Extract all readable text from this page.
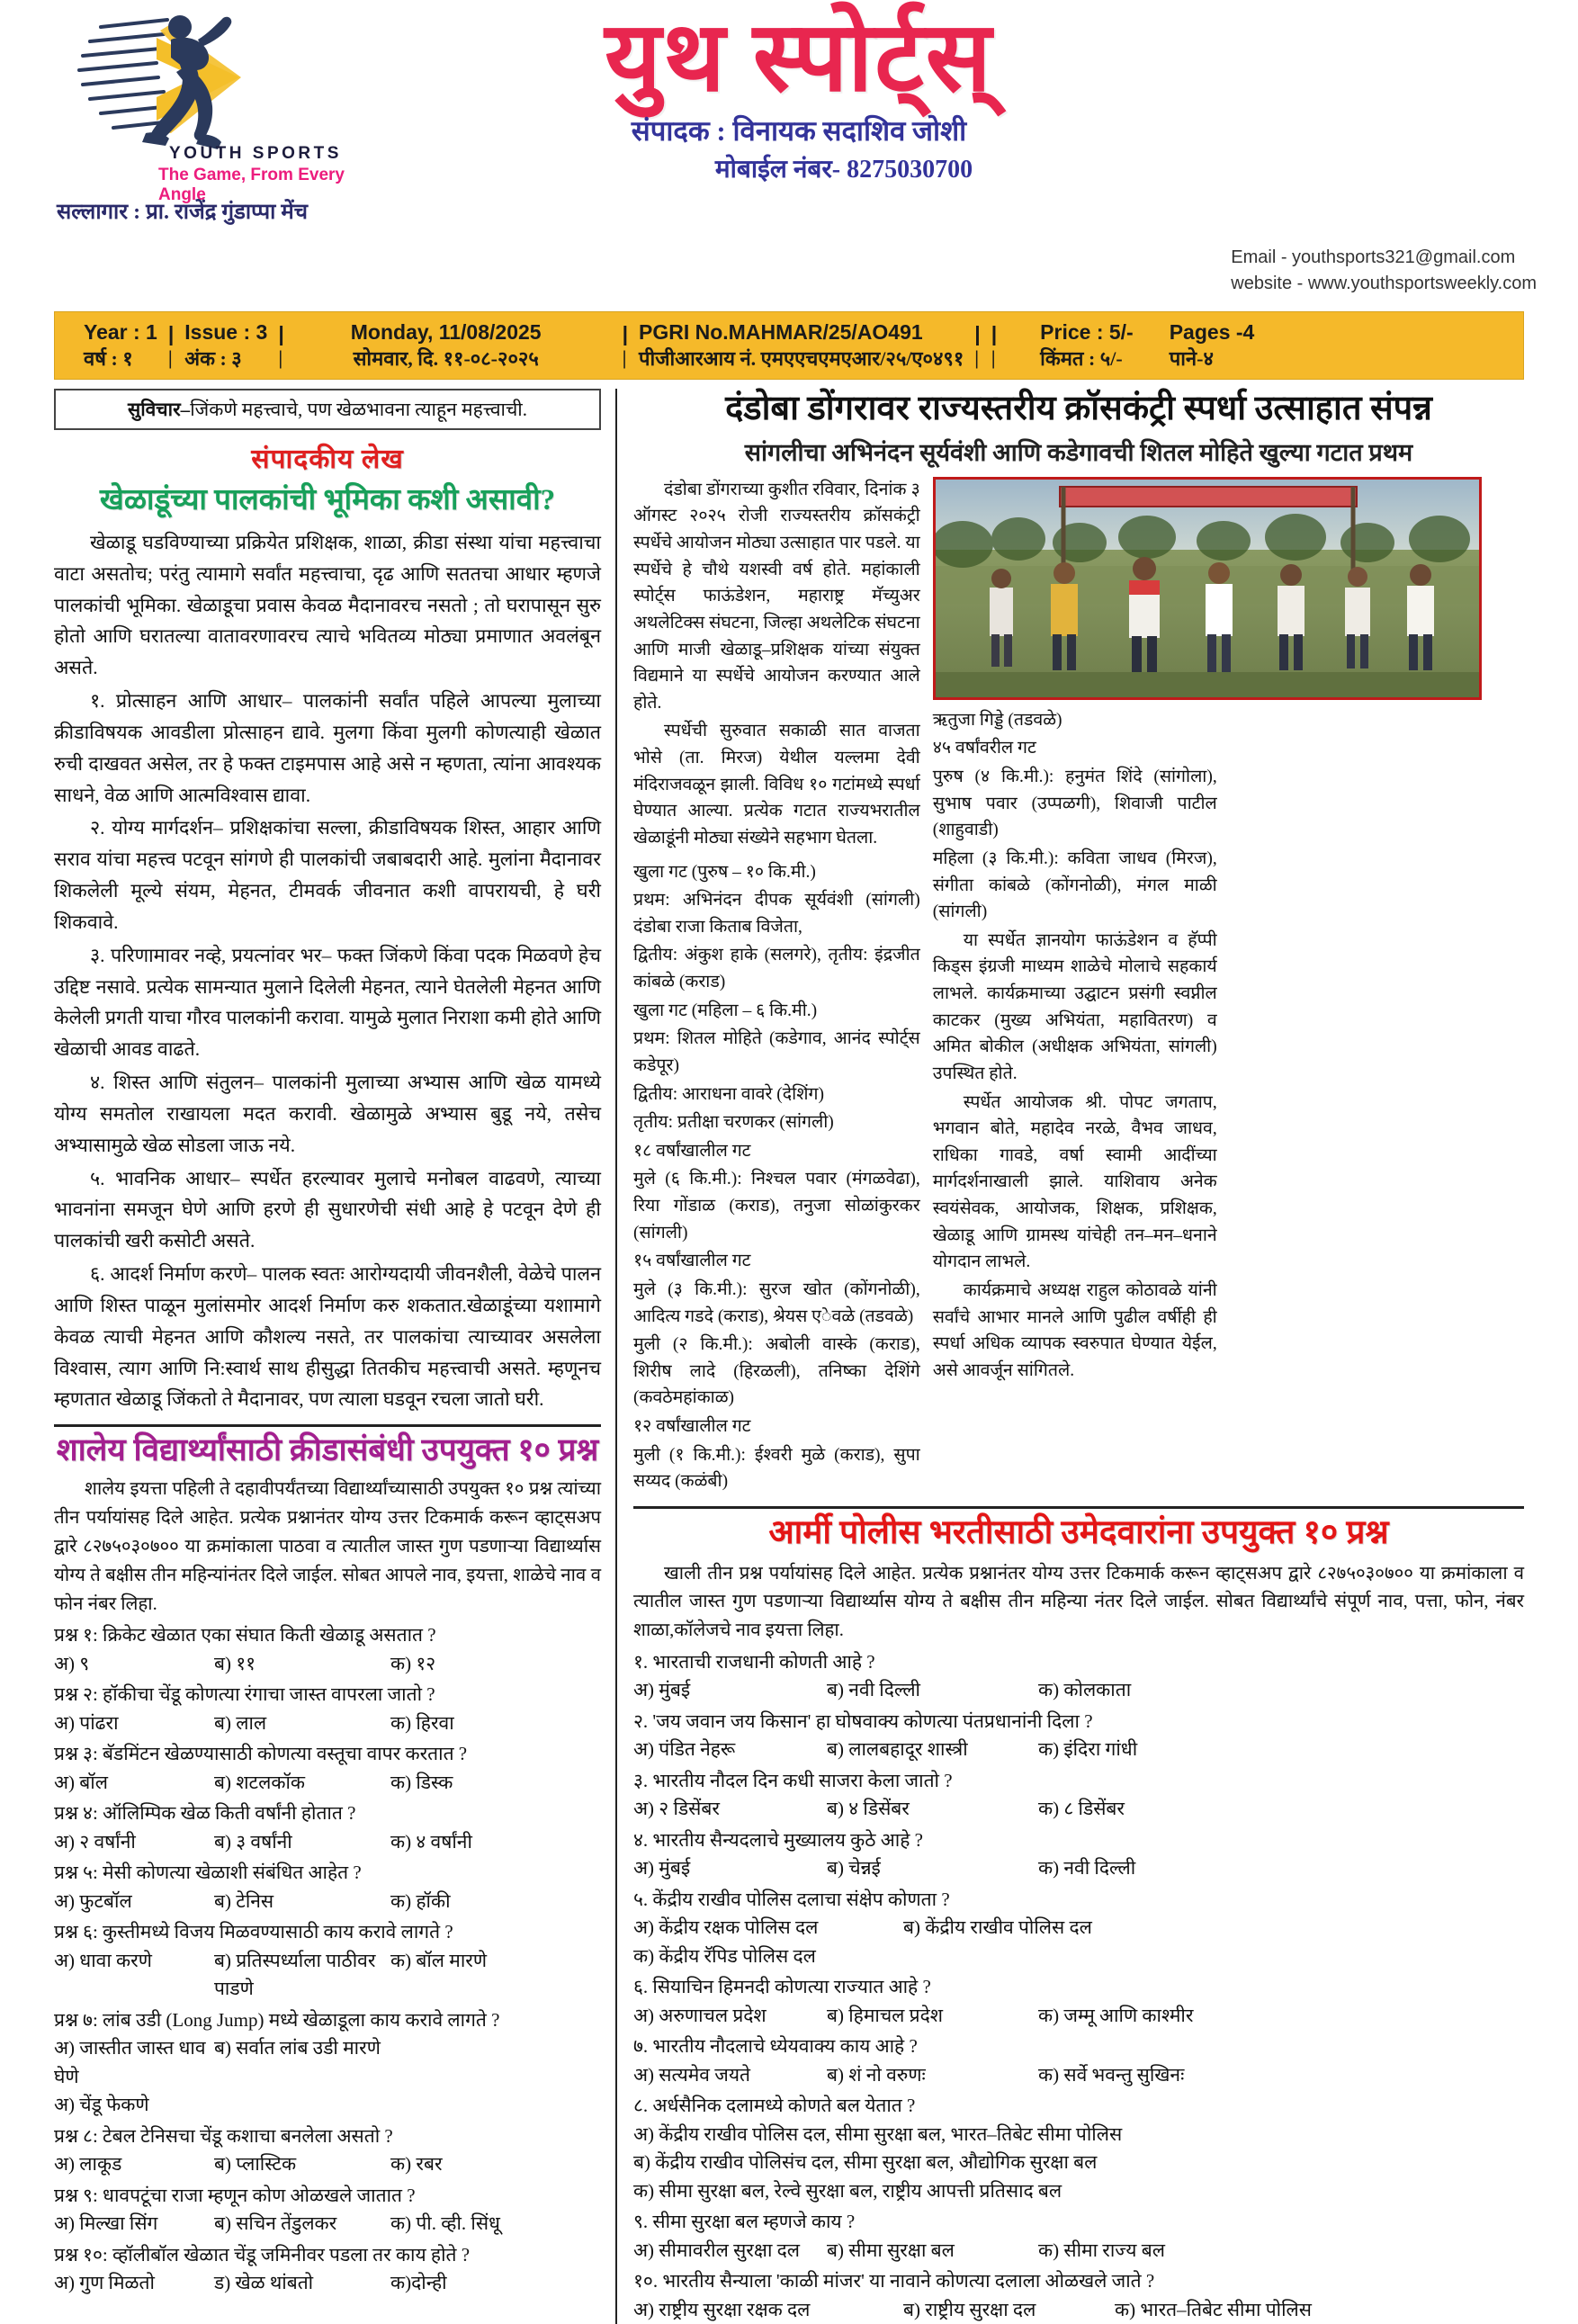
YOUTH SPORTS
The Game, From Every Angle
सल्लागार : प्रा. राजेंद्र गुंडाप्पा मेंच
युथ स्पोर्ट्स्
संपादक : विनायक सदाशिव जोशी
मोबाईल नंबर- 8275030700
Email - youthsports321@gmail.com
website - www.youthsportsweekly.com
Year : 1
वर्ष : १
|
|
Issue : 3
अंक : ३
|
|
Monday, 11/08/2025
सोमवार, दि. ११-०८-२०२५
|
|
PGRI No.MAHMAR/25/AO491
पीजीआरआय नं. एमएएचएमएआर/२५/ए०४९१
|
|
|
|
Price : 5/-
किंमत : ५/-
Pages -4
पाने-४
सुविचार–जिंकणे महत्त्वाचे, पण खेळभावना त्याहून महत्त्वाची.
संपादकीय लेख
खेळाडूंच्या पालकांची भूमिका कशी असावी?

खेळाडू घडविण्याच्या प्रक्रियेत प्रशिक्षक, शाळा, क्रीडा संस्था यांचा महत्त्वाचा वाटा असतोच; परंतु त्यामागे सर्वांत महत्त्वाचा, दृढ आणि सततचा आधार म्हणजे पालकांची भूमिका. खेळाडूचा प्रवास केवळ मैदानावरच नसतो ; तो घरापासून सुरु होतो आणि घरातल्या वातावरणावरच त्याचे भवितव्य मोठ्या प्रमाणात अवलंबून असते.

१. प्रोत्साहन आणि आधार– पालकांनी सर्वांत पहिले आपल्या मुलाच्या क्रीडाविषयक आवडीला प्रोत्साहन द्यावे. मुलगा किंवा मुलगी कोणत्याही खेळात रुची दाखवत असेल, तर हे फक्त टाइमपास आहे असे न म्हणता, त्यांना आवश्यक साधने, वेळ आणि आत्मविश्वास द्यावा.

२. योग्य मार्गदर्शन– प्रशिक्षकांचा सल्ला, क्रीडाविषयक शिस्त, आहार आणि सराव यांचा महत्त्व पटवून सांगणे ही पालकांची जबाबदारी आहे. मुलांना मैदानावर शिकलेली मूल्ये संयम, मेहनत, टीमवर्क जीवनात कशी वापरायची, हे घरी शिकवावे.

३. परिणामावर नव्हे, प्रयत्नांवर भर– फक्त जिंकणे किंवा पदक मिळवणे हेच उद्दिष्ट नसावे. प्रत्येक सामन्यात मुलाने दिलेली मेहनत, त्याने घेतलेली मेहनत आणि केलेली प्रगती याचा गौरव पालकांनी करावा. यामुळे मुलात निराशा कमी होते आणि खेळाची आवड वाढते.

४. शिस्त आणि संतुलन– पालकांनी मुलाच्या अभ्यास आणि खेळ यामध्ये योग्य समतोल राखायला मदत करावी. खेळामुळे अभ्यास बुडू नये, तसेच अभ्यासामुळे खेळ सोडला जाऊ नये.

५. भावनिक आधार– स्पर्धेत हरल्यावर मुलाचे मनोबल वाढवणे, त्याच्या भावनांना समजून घेणे आणि हरणे ही सुधारणेची संधी आहे हे पटवून देणे ही पालकांची खरी कसोटी असते.

६. आदर्श निर्माण करणे– पालक स्वतः आरोग्यदायी जीवनशैली, वेळेचे पालन आणि शिस्त पाळून मुलांसमोर आदर्श निर्माण करु शकतात.खेळाडूंच्या यशामागे केवळ त्याची मेहनत आणि कौशल्य नसते, तर पालकांचा त्याच्यावर असलेला विश्वास, त्याग आणि नि:स्वार्थ साथ हीसुद्धा तितकीच महत्त्वाची असते. म्हणूनच म्हणतात खेळाडू जिंकतो ते मैदानावर, पण त्याला घडवून रचला जातो घरी.

शालेय विद्यार्थ्यांसाठी क्रीडासंबंधी उपयुक्त १० प्रश्न

शालेय इयत्ता पहिली ते दहावीपर्यंतच्या विद्यार्थ्यांच्यासाठी उपयुक्त १० प्रश्न त्यांच्या तीन पर्यायांसह दिले आहेत. प्रत्येक प्रश्नानंतर योग्य उत्तर टिकमार्क करून व्हाट्सअप द्वारे ८२७५०३०७०० या क्रमांकाला पाठवा व त्यातील जास्त गुण पडणाऱ्या विद्यार्थ्यास योग्य ते बक्षीस तीन महिन्यांनंतर दिले जाईल. सोबत आपले नाव, इयत्ता, शाळेचे नाव व फोन नंबर लिहा.

प्रश्न १: क्रिकेट खेळात एका संघात किती खेळाडू असतात ?
अ) ९	ब) ११	क) १२
प्रश्न २: हॉकीचा चेंडू कोणत्या रंगाचा जास्त वापरला जातो ?
अ) पांढरा	ब) लाल	क) हिरवा
प्रश्न ३: बॅडमिंटन खेळण्यासाठी कोणत्या वस्तूचा वापर करतात ?
अ) बॉल	ब) शटलकॉक	क) डिस्क
प्रश्न ४: ऑलिम्पिक खेळ किती वर्षांनी होतात ?
अ) २ वर्षांनी	ब) ३ वर्षांनी	क) ४ वर्षांनी
प्रश्न ५: मेसी कोणत्या खेळाशी संबंधित आहेत ?
अ) फुटबॉल	ब) टेनिस	क) हॉकी
प्रश्न ६: कुस्तीमध्ये विजय मिळवण्यासाठी काय करावे लागते ?
अ) धावा करणे	ब) प्रतिस्पर्ध्याला पाठीवर पाडणे
क) बॉल मारणे
प्रश्न ७: लांब उडी (Long Jump) मध्ये खेळाडूला काय करावे लागते ?
अ) जास्तीत जास्त धाव घेणे
ब) सर्वात लांब उडी मारणे
अ) चेंडू फेकणे
प्रश्न ८: टेबल टेनिसचा चेंडू कशाचा बनलेला असतो ?
अ) लाकूड	ब) प्लास्टिक	क) रबर
प्रश्न ९: धावपटूंचा राजा म्हणून कोण ओळखले जातात ?
अ) मिल्खा सिंग	ब) सचिन तेंडुलकर	क) पी. व्ही. सिंधू
प्रश्न १०: व्हॉलीबॉल खेळात चेंडू जमिनीवर पडला तर काय होते ?
अ) गुण मिळतो	ड) खेळ थांबतो	क)दोन्ही
दंडोबा डोंगरावर राज्यस्तरीय क्रॉसकंट्री स्पर्धा उत्साहात संपन्न
सांगलीचा अभिनंदन सूर्यवंशी आणि कडेगावची शितल मोहिते खुल्या गटात प्रथम

दंडोबा डोंगराच्या कुशीत रविवार, दिनांक ३ ऑगस्ट २०२५ रोजी राज्यस्तरीय क्रॉसकंट्री स्पर्धेचे आयोजन मोठ्या उत्साहात पार पडले. या स्पर्धेचे हे चौथे यशस्वी वर्ष होते. महांकाली स्पोर्ट्स फाऊंडेशन, महाराष्ट्र मॅच्युअर अथलेटिक्स संघटना, जिल्हा अथलेटिक संघटना आणि माजी खेळाडू–प्रशिक्षक यांच्या संयुक्त विद्यमाने या स्पर्धेचे आयोजन करण्यात आले होते.

स्पर्धेची सुरुवात सकाळी सात वाजता भोसे (ता. मिरज) येथील यल्लमा देवी मंदिराजवळून झाली. विविध १० गटांमध्ये स्पर्धा घेण्यात आल्या. प्रत्येक गटात राज्यभरातील खेळाडूंनी मोठ्या संख्येने सहभाग घेतला.

खुला गट (पुरुष – १० कि.मी.)

प्रथम: अभिनंदन दीपक सूर्यवंशी (सांगली) दंडोबा राजा किताब विजेता,

द्वितीय: अंकुश हाके (सलगरे), तृतीय: इंद्रजीत कांबळे (कराड)

खुला गट (महिला – ६ कि.मी.)

प्रथम: शितल मोहिते (कडेगाव, आनंद स्पोर्ट्स कडेपूर)

द्वितीय: आराधना वावरे (देशिंग)

तृतीय: प्रतीक्षा चरणकर (सांगली)

१८ वर्षांखालील गट

मुले (६ कि.मी.): निश्चल पवार (मंगळवेढा), रिया गोंडाळ (कराड), तनुजा सोळांकुरकर (सांगली)

१५ वर्षांखालील गट

मुले (३ कि.मी.): सुरज खोत (कोंगनोळी), आदित्य गडदे (कराड), श्रेयस एेवळे (तडवळे)

मुली (२ कि.मी.): अबोली वास्के (कराड), शिरीष लादे (हिरळली), तनिष्का देशिंगे (कवठेमहांकाळ)

१२ वर्षांखालील गट

मुली (१ कि.मी.): ईश्वरी मुळे (कराड), सुपा सय्यद (कळंबी)

ऋतुजा गिड्डे (तडवळे)

४५ वर्षांवरील गट

पुरुष (४ कि.मी.): हनुमंत शिंदे (सांगोला), सुभाष पवार (उप्पळगी), शिवाजी पाटील (शाहुवाडी)

महिला (३ कि.मी.): कविता जाधव (मिरज), संगीता कांबळे (कोंगनोळी), मंगल माळी (सांगली)

या स्पर्धेत ज्ञानयोग फाऊंडेशन व हॅप्पी किड्स इंग्रजी माध्यम शाळेचे मोलाचे सहकार्य लाभले. कार्यक्रमाच्या उद्घाटन प्रसंगी स्वप्नील काटकर (मुख्य अभियंता, महावितरण) व अमित बोकील (अधीक्षक अभियंता, सांगली) उपस्थित होते.

स्पर्धेत आयोजक श्री. पोपट जगताप, भगवान बोते, महादेव नरळे, वैभव जाधव, राधिका गावडे, वर्षा स्वामी आदींच्या मार्गदर्शनाखाली झाले. याशिवाय अनेक स्वयंसेवक, आयोजक, शिक्षक, प्रशिक्षक, खेळाडू आणि ग्रामस्थ यांचेही तन–मन–धनाने योगदान लाभले.

कार्यक्रमाचे अध्यक्ष राहुल कोठावळे यांनी सर्वांचे आभार मानले आणि पुढील वर्षीही ही स्पर्धा अधिक व्यापक स्वरुपात घेण्यात येईल, असे आवर्जून सांगितले.

आर्मी पोलीस भरतीसाठी उमेदवारांना उपयुक्त १० प्रश्न

खाली तीन प्रश्न पर्यायांसह दिले आहेत. प्रत्येक प्रश्नानंतर योग्य उत्तर टिकमार्क करून व्हाट्सअप द्वारे ८२७५०३०७०० या क्रमांकाला व त्यातील जास्त गुण पडणाऱ्या विद्यार्थ्यास योग्य ते बक्षीस तीन महिन्या नंतर दिले जाईल. सोबत विद्यार्थ्यांचे संपूर्ण नाव, पत्ता, फोन, नंबर शाळा,कॉलेजचे नाव इयत्ता लिहा.

१. भारताची राजधानी कोणती आहे ?
अ) मुंबई	ब) नवी दिल्ली	क) कोलकाता
२. 'जय जवान जय किसान' हा घोषवाक्य कोणत्या पंतप्रधानांनी दिला ?
अ) पंडित नेहरू	ब) लालबहादूर शास्त्री	क) इंदिरा गांधी
३. भारतीय नौदल दिन कधी साजरा केला जातो ?
अ) २ डिसेंबर	ब) ४ डिसेंबर	क) ८ डिसेंबर
४. भारतीय सैन्यदलाचे मुख्यालय कुठे आहे ?
अ) मुंबई	ब) चेन्नई	क) नवी दिल्ली
५. केंद्रीय राखीव पोलिस दलाचा संक्षेप कोणता ?
अ) केंद्रीय रक्षक पोलिस दल	ब) केंद्रीय राखीव पोलिस दल
क) केंद्रीय रॅपिड पोलिस दल
६. सियाचिन हिमनदी कोणत्या राज्यात आहे ?
अ) अरुणाचल प्रदेश	ब) हिमाचल प्रदेश	क) जम्मू आणि काश्मीर
७. भारतीय नौदलाचे ध्येयवाक्य काय आहे ?
अ) सत्यमेव जयते	ब) शं नो वरुणः	क) सर्वे भवन्तु सुखिनः
८. अर्धसैनिक दलामध्ये कोणते बल येतात ?
अ) केंद्रीय राखीव पोलिस दल, सीमा सुरक्षा बल, भारत–तिबेट सीमा पोलिस
ब) केंद्रीय राखीव पोलिसंच दल, सीमा सुरक्षा बल, औद्योगिक सुरक्षा बल
क) सीमा सुरक्षा बल, रेल्वे सुरक्षा बल, राष्ट्रीय आपत्ती प्रतिसाद बल
९. सीमा सुरक्षा बल म्हणजे काय ?
अ) सीमावरील सुरक्षा दल	ब) सीमा सुरक्षा बल	क) सीमा राज्य बल
१०. भारतीय सैन्याला 'काळी मांजर' या नावाने कोणत्या दलाला ओळखले जाते ?
अ) राष्ट्रीय सुरक्षा रक्षक दल	ब) राष्ट्रीय सुरक्षा दल	क) भारत–तिबेट सीमा पोलिस
